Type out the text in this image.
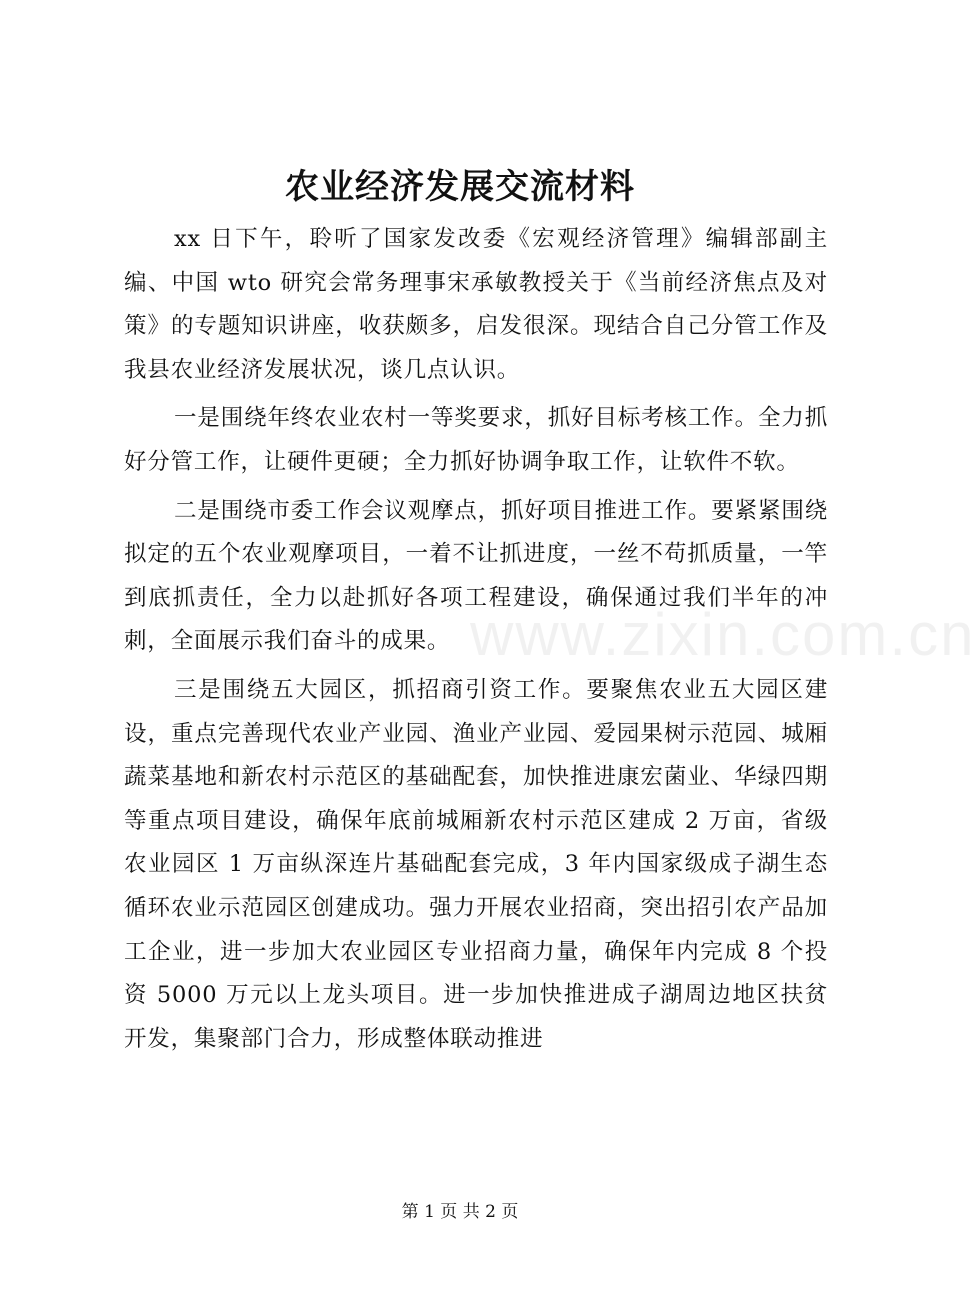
农业经济发展交流材料

xx 日下午，聆听了国家发改委《宏观经济管理》编辑部副主编、中国 wto 研究会常务理事宋承敏教授关于《当前经济焦点及对策》的专题知识讲座，收获颇多，启发很深。现结合自己分管工作及我县农业经济发展状况，谈几点认识。

一是围绕年终农业农村一等奖要求，抓好目标考核工作。全力抓好分管工作，让硬件更硬；全力抓好协调争取工作，让软件不软。

二是围绕市委工作会议观摩点，抓好项目推进工作。要紧紧围绕拟定的五个农业观摩项目，一着不让抓进度，一丝不苟抓质量，一竿到底抓责任，全力以赴抓好各项工程建设，确保通过我们半年的冲刺，全面展示我们奋斗的成果。

三是围绕五大园区，抓招商引资工作。要聚焦农业五大园区建设，重点完善现代农业产业园、渔业产业园、爱园果树示范园、城厢蔬菜基地和新农村示范区的基础配套，加快推进康宏菌业、华绿四期等重点项目建设，确保年底前城厢新农村示范区建成 2 万亩，省级农业园区 1 万亩纵深连片基础配套完成，3 年内国家级成子湖生态循环农业示范园区创建成功。强力开展农业招商，突出招引农产品加工企业，进一步加大农业园区专业招商力量，确保年内完成 8 个投资 5000 万元以上龙头项目。进一步加快推进成子湖周边地区扶贫开发，集聚部门合力，形成整体联动推进

www.zixin.com.cn
第 1 页 共 2 页
